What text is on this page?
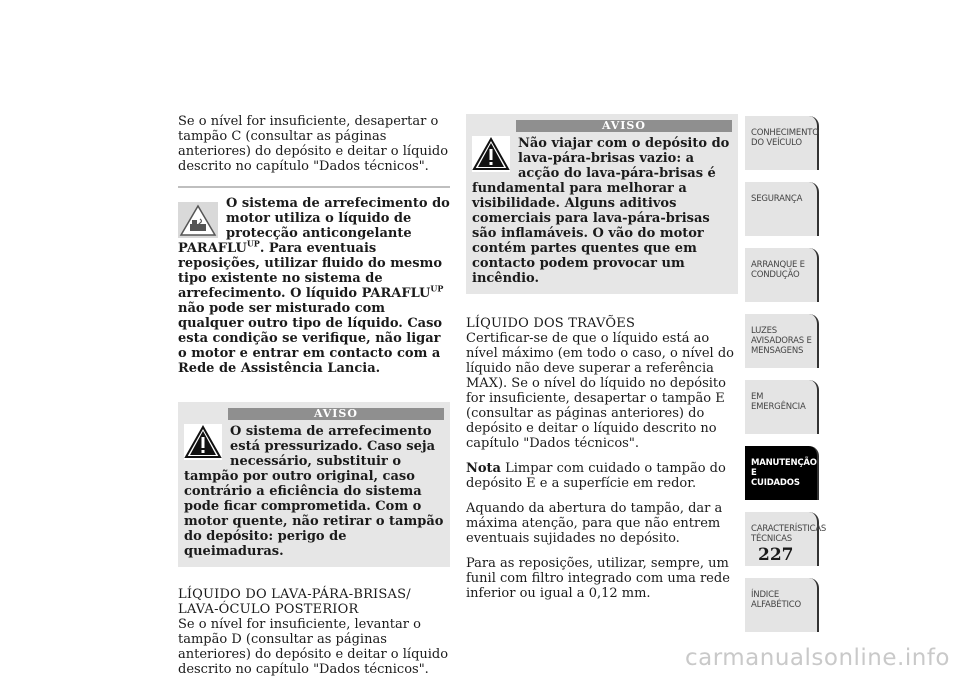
Se o nível for insuficiente, desapertar o tampão C (consultar as páginas anteriores) do depósito e deitar o líquido descrito no capítulo "Dados técnicos".

O sistema de arrefecimento do motor utiliza o líquido de protecção anticongelante $PARAFLU^{UP}$. Para eventuais reposições, utilizar fluido do mesmo tipo existente no sistema de arrefecimento. O líquido $PARAFLU^{UP}$ não pode ser misturado com qualquer outro tipo de líquido. Caso esta condição se verifique, não ligar o motor e entrar em contacto com a Rede de Assistência Lancia.
AVISO
O sistema de arrefecimento está pressurizado. Caso seja necessário, substituir o tampão por outro original, caso contrário a eficiência do sistema pode ficar comprometida. Com o motor quente, não retirar o tampão do depósito: perigo de queimaduras.
LÍQUIDO DO LAVA-PÁRA-BRISAS/ LAVA-ÓCULO POSTERIOR

Se o nível for insuficiente, levantar o tampão D (consultar as páginas anteriores) do depósito e deitar o líquido descrito no capítulo "Dados técnicos".

AVISO
Não viajar com o depósito do lava-pára-brisas vazio: a acção do lava-pára-brisas é fundamental para melhorar a visibilidade. Alguns aditivos comerciais para lava-pára-brisas são inflamáveis. O vão do motor contém partes quentes que em contacto podem provocar um incêndio.
LÍQUIDO DOS TRAVÕES

Certificar-se de que o líquido está ao nível máximo (em todo o caso, o nível do líquido não deve superar a referência MAX). Se o nível do líquido no depósito for insuficiente, desapertar o tampão E (consultar as páginas anteriores) do depósito e deitar o líquido descrito no capítulo "Dados técnicos".

Nota Limpar com cuidado o tampão do depósito E e a superfície em redor.

Aquando da abertura do tampão, dar a máxima atenção, para que não entrem eventuais sujidades no depósito.

Para as reposições, utilizar, sempre, um funil com filtro integrado com uma rede inferior ou igual a 0,12 mm.

CONHECIMENTO
DO VEÍCULO
SEGURANÇA
ARRANQUE E
CONDUÇÃO
LUZES
AVISADORAS E
MENSAGENS
EM EMERGÊNCIA
MANUTENÇÃO E
CUIDADOS
CARACTERÍSTICAS
TÉCNICAS
ÍNDICE
ALFABÉTICO
227
carmanualsonline.info
